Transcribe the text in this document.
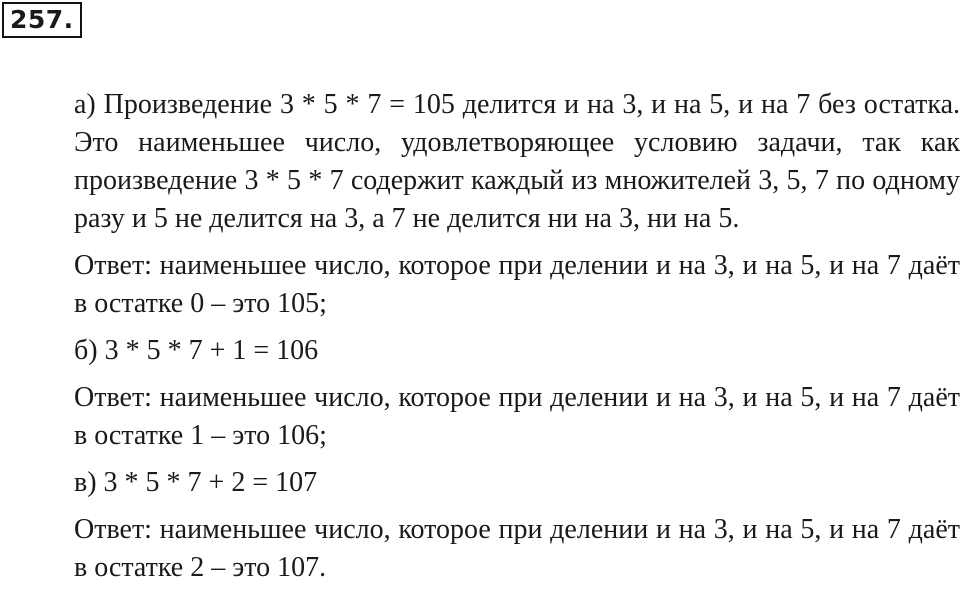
257.

а) Произведение 3 * 5 * 7 = 105 делится и на 3, и на 5, и на 7 без остатка. Это наименьшее число, удовлетворяющее условию задачи, так как произведение 3 * 5 * 7 содержит каждый из множителей 3, 5, 7 по одному разу и 5 не делится на 3, а 7 не делится ни на 3, ни на 5.

Ответ: наименьшее число, которое при делении и на 3, и на 5, и на 7 даёт в остатке 0 – это 105;

б) 3 * 5 * 7 + 1 = 106

Ответ: наименьшее число, которое при делении и на 3, и на 5, и на 7 даёт в остатке 1 – это 106;

в) 3 * 5 * 7 + 2 = 107

Ответ: наименьшее число, которое при делении и на 3, и на 5, и на 7 даёт в остатке 2 – это 107.
